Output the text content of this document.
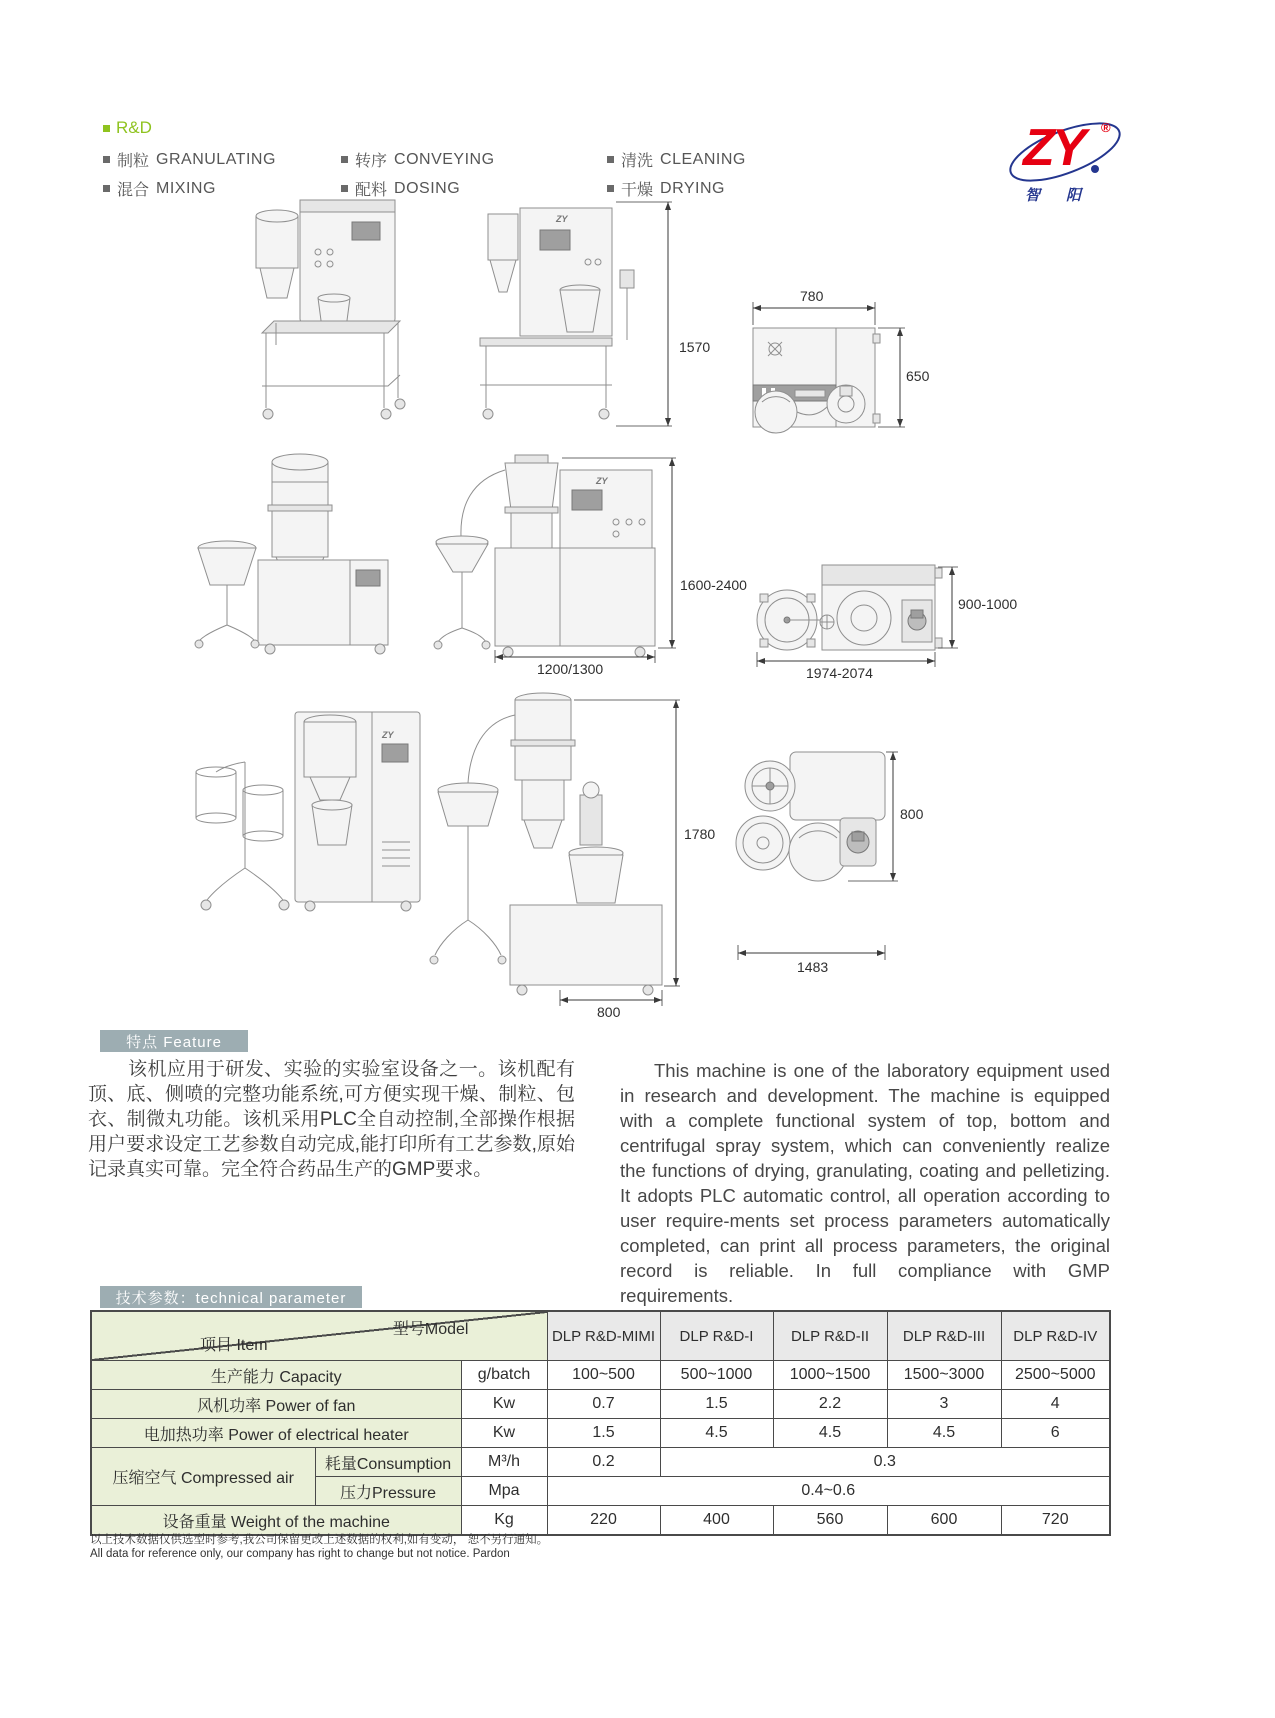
R&D
制粒 GRANULATING
混合 MIXING
转序 CONVEYING
配料 DOSING
清洗 CLEANING
干燥 DRYING
ZY ®
智阳
ZY
ZY
ZY
1570
780
650
1600-2400
1200/1300
900-1000
1974-2074
1780
800
800
1483
特点 Feature
该机应用于研发、实验的实验室设备之一。该机配有顶、底、侧喷的完整功能系统,可方便实现干燥、制粒、包衣、制微丸功能。该机采用PLC全自动控制,全部操作根据用户要求设定工艺参数自动完成,能打印所有工艺参数,原始记录真实可靠。完全符合药品生产的GMP要求。
This machine is one of the laboratory equipment used in research and development. The machine is equipped with a complete functional system of top, bottom and centrifugal spray system, which can conveniently realize the functions of drying, granulating, coating and pelletizing. It adopts PLC automatic control, all operation according to user require-ments set process parameters automatically completed, can print all process parameters, the original record is reliable. In full compliance with GMP requirements.
技术参数：technical parameter
型号Model
项目 Item			DLP R&D-MIMI	DLP R&D-I	DLP R&D-II	DLP R&D-III	DLP R&D-IV
生产能力 Capacity		g/batch	100~500	500~1000	1000~1500	1500~3000	2500~5000
风机功率 Power of fan		Kw	0.7	1.5	2.2	3	4
电加热功率 Power of electrical heater		Kw	1.5	4.5	4.5	4.5	6
压缩空气 Compressed air	耗量Consumption	M³/h	0.2	0.3			
	压力Pressure	Mpa	0.4~0.6				
设备重量 Weight of the machine		Kg	220	400	560	600	720
以上技术数据仅供选型时参考,我公司保留更改上述数据的权利,如有变动， 恕不另行通知。
All data for reference only, our company has right to change but not notice. Pardon
